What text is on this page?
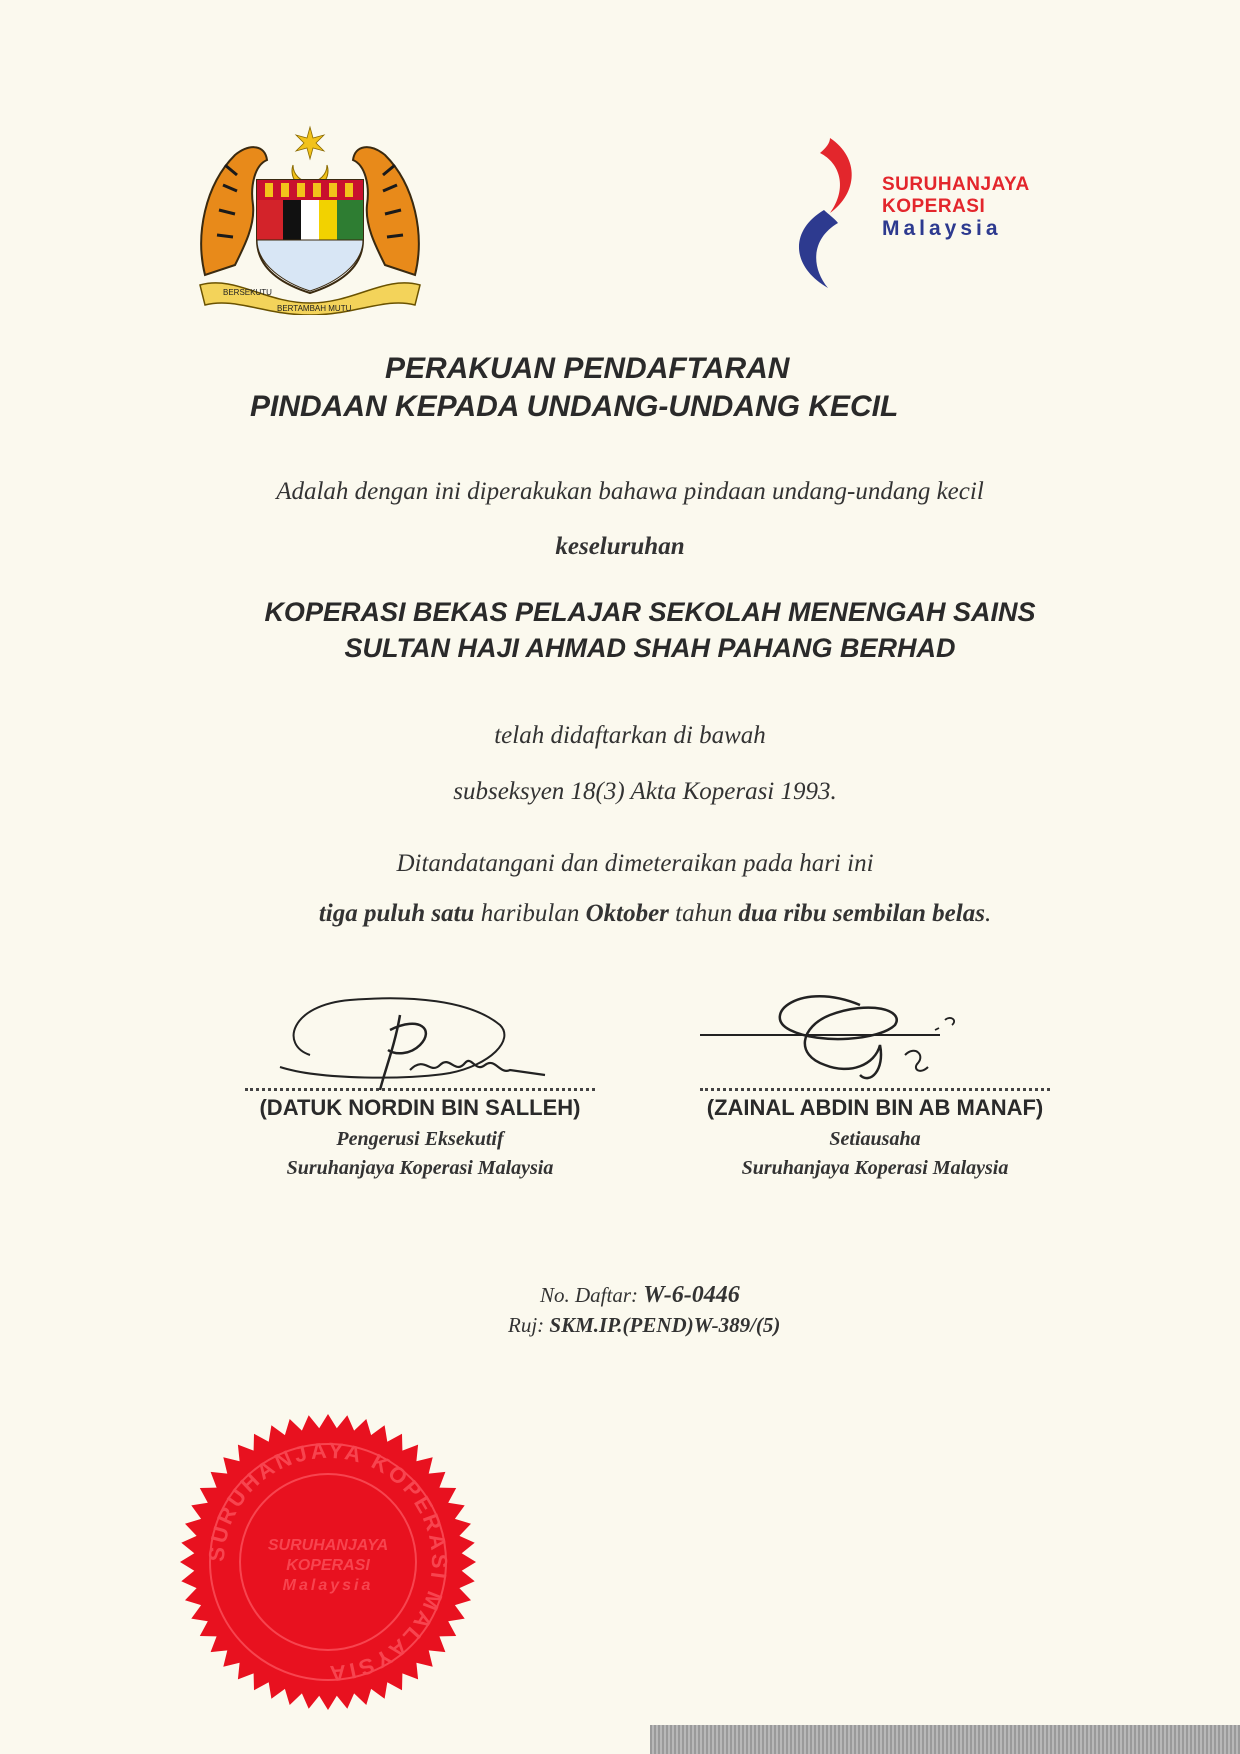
BERSEKUTU
BERTAMBAH MUTU
SURUHANJAYA
KOPERASI
Malaysia
PERAKUAN PENDAFTARAN
PINDAAN KEPADA UNDANG-UNDANG KECIL
Adalah dengan ini diperakukan bahawa pindaan undang-undang kecil
keseluruhan
KOPERASI BEKAS PELAJAR SEKOLAH MENENGAH SAINS
SULTAN HAJI AHMAD SHAH PAHANG BERHAD
telah didaftarkan di bawah
subseksyen 18(3) Akta Koperasi 1993.
Ditandatangani dan dimeteraikan pada hari ini
tiga puluh satu haribulan Oktober tahun dua ribu sembilan belas.
(DATUK NORDIN BIN SALLEH)
Pengerusi Eksekutif
Suruhanjaya Koperasi Malaysia
(ZAINAL ABDIN BIN AB MANAF)
Setiausaha
Suruhanjaya Koperasi Malaysia
No. Daftar: W-6-0446
Ruj: SKM.IP.(PEND)W-389/(5)
SURUHANJAYA KOPERASI MALAYSIA
SURUHANJAYA
KOPERASI
Malaysia
